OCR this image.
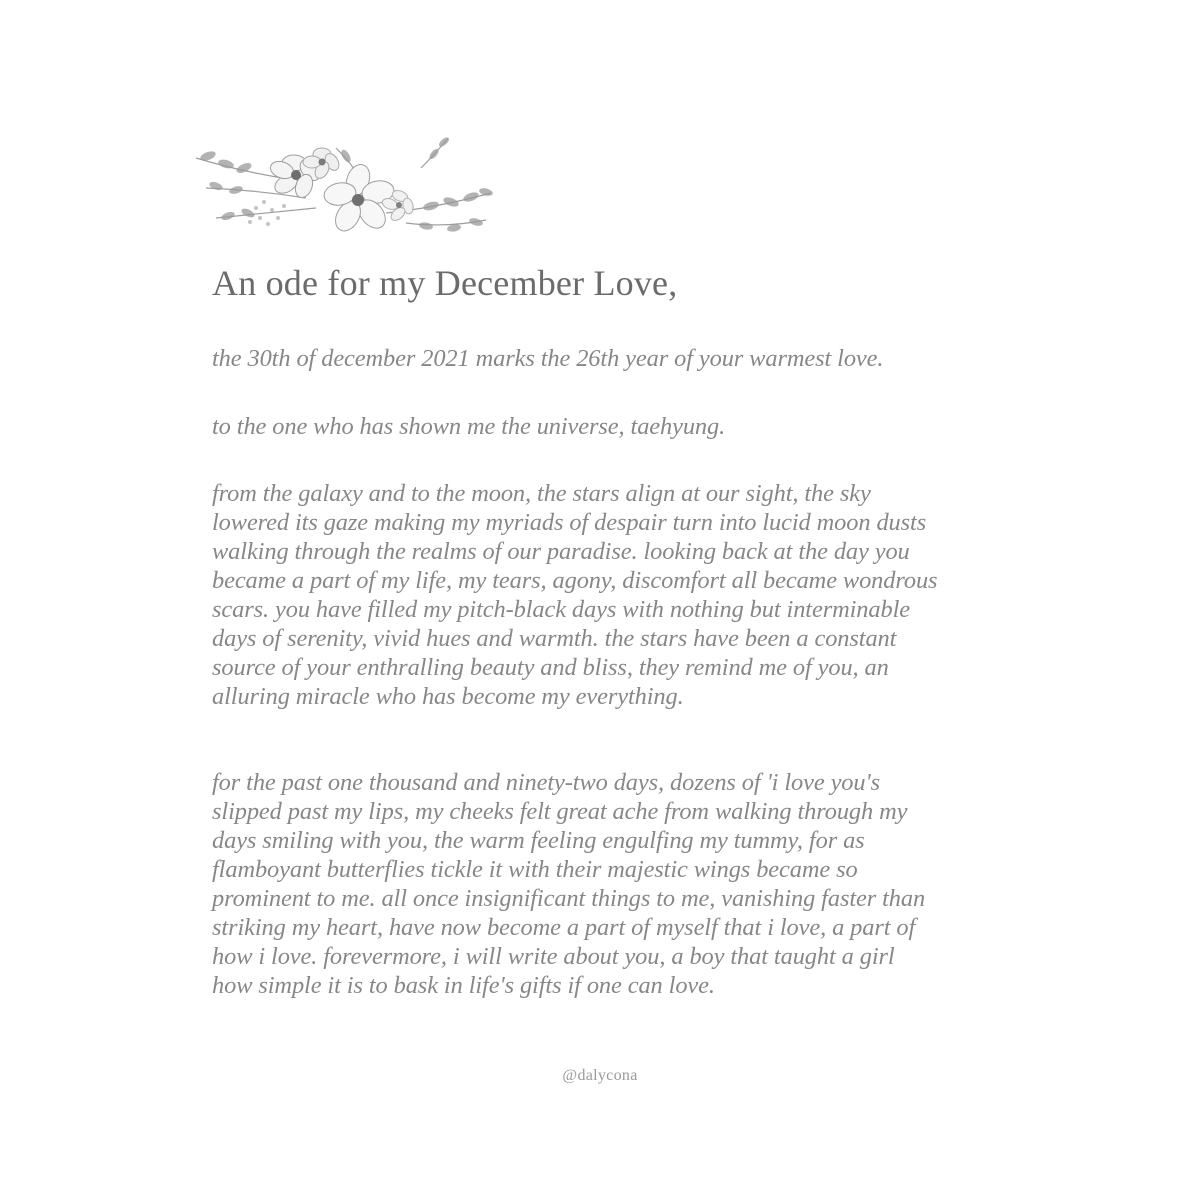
An ode for my December Love,
the 30th of december 2021 marks the 26th year of your warmest love.
to the one who has shown me the universe, taehyung.
from the galaxy and to the moon, the stars align at our sight, the sky
lowered its gaze making my myriads of despair turn into lucid moon dusts
walking through the realms of our paradise. looking back at the day you
became a part of my life, my tears, agony, discomfort all became wondrous
scars. you have filled my pitch-black days with nothing but interminable
days of serenity, vivid hues and warmth. the stars have been a constant
source of your enthralling beauty and bliss, they remind me of you, an
alluring miracle who has become my everything.
for the past one thousand and ninety-two days, dozens of 'i love you's
slipped past my lips, my cheeks felt great ache from walking through my
days smiling with you, the warm feeling engulfing my tummy, for as
flamboyant butterflies tickle it with their majestic wings became so
prominent to me. all once insignificant things to me, vanishing faster than
striking my heart, have now become a part of myself that i love, a part of
how i love. forevermore, i will write about you, a boy that taught a girl
how simple it is to bask in life's gifts if one can love.
@dalycona
